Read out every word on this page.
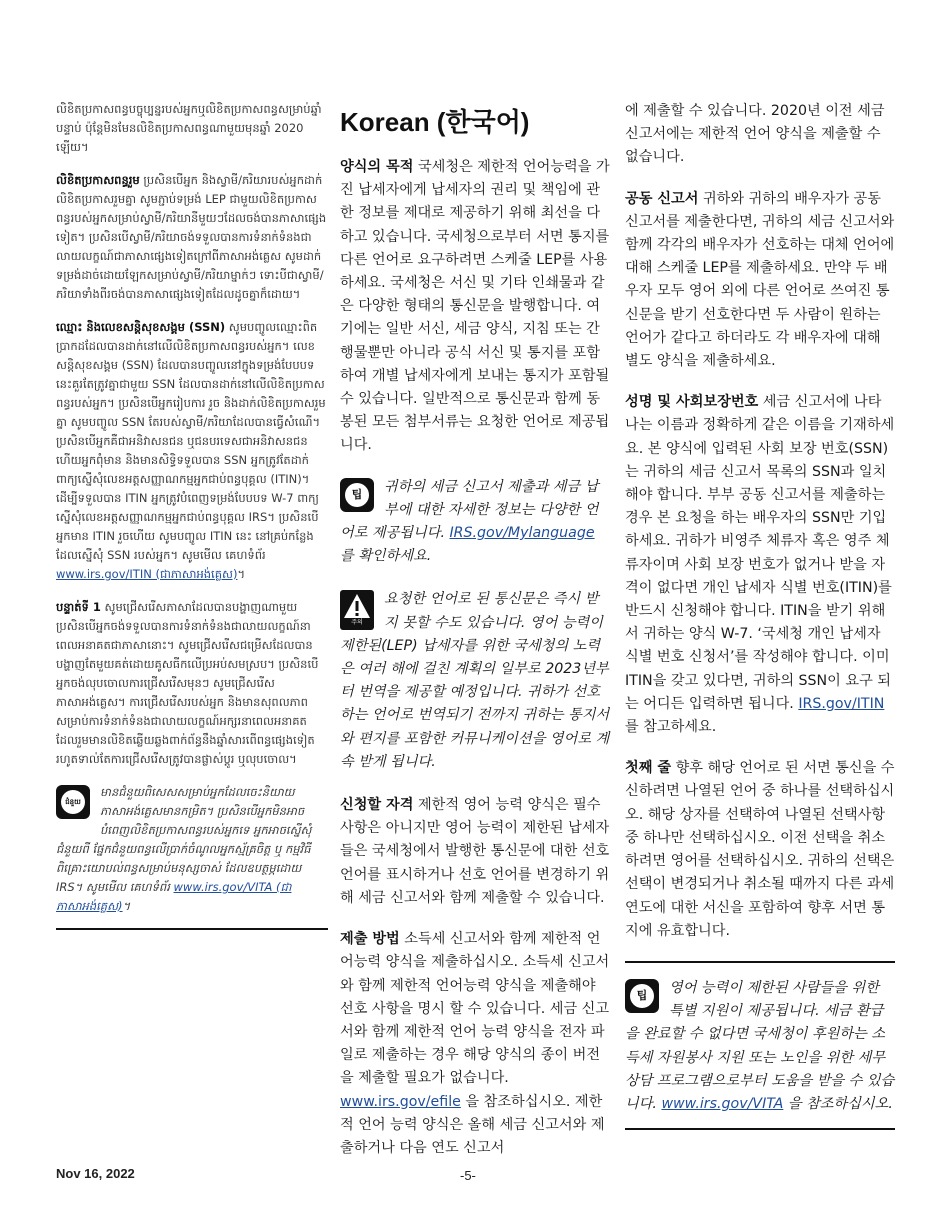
លិខិតប្រកាសពន្ធបច្ចុប្បន្នរបស់អ្នកឬលិខិតប្រកាសពន្ធសម្រាប់ឆ្នាំបន្ទាប់ ប៉ុន្តែមិនមែនលិខិតប្រកាសពន្ធណាមួយមុនឆ្នាំ 2020 ឡើយ។

លិខិតប្រកាសពន្ធរួម ប្រសិនបើអ្នក និងស្វាមី/ភរិយារបស់អ្នកដាក់លិខិតប្រកាសរួមគ្នា សូមភ្ជាប់ទម្រង់ LEP ជាមួយលិខិតប្រកាសពន្ធរបស់អ្នកសម្រាប់ស្វាមី/ភរិយានីមួយៗដែលចង់បានភាសាផ្សេងទៀត។ ប្រសិនបើស្វាមី/ភរិយាចង់ទទួលបានការទំនាក់ទំនងជាលាយលក្ខណ៍ជាភាសាផ្សេងទៀតក្រៅពីភាសាអង់គ្លេស សូមដាក់ទម្រង់ដាច់ដោយឡែកសម្រាប់ស្វាមី/ភរិយាម្នាក់ៗ ទោះបីជាស្វាមី/ភរិយាទាំងពីរចង់បានភាសាផ្សេងទៀតដែលដូចគ្នាក៏ដោយ។

ឈ្មោះ និងលេខសន្តិសុខសង្គម (SSN) សូមបញ្ចូលឈ្មោះពិតប្រាកដដែលបានដាក់នៅលើលិខិតប្រកាសពន្ធរបស់អ្នក។ លេខសន្តិសុខសង្គម (SSN) ដែលបានបញ្ចូលនៅក្នុងទម្រង់បែបបទ នេះគួរតែត្រូវគ្នាជាមួយ SSN ដែលបានដាក់នៅលើលិខិតប្រកាសពន្ធរបស់អ្នក។ ប្រសិនបើអ្នករៀបការ រួច និងដាក់លិខិតប្រកាសរួមគ្នា សូមបញ្ចូល SSN តែរបស់ស្វាមី/ភរិយាដែលបានធ្វើសំណើ។ ប្រសិនបើអ្នកគឺជាអនិវាសនជន ឬជនបរទេសជាអនិវាសនជន ហើយអ្នកពុំមាន និងមានសិទ្ធិទទួលបាន SSN អ្នកត្រូវតែដាក់ពាក្យស្នើសុំលេខអត្តសញ្ញាណកម្មអ្នកជាប់ពន្ធបុគ្គល (ITIN)។ ដើម្បីទទួលបាន ITIN អ្នកត្រូវបំពេញទម្រង់បែបបទ W-7 ពាក្យស្នើសុំលេខអត្តសញ្ញាណកម្មអ្នកជាប់ពន្ធបុគ្គល IRS។ ប្រសិនបើអ្នកមាន ITIN រួចហើយ សូមបញ្ចូល ITIN នេះ នៅគ្រប់កន្លែងដែលស្នើសុំ SSN របស់អ្នក។ សូមមើល គេហទំព័រ www.irs.gov/ITIN (ជាភាសាអង់គ្លេស)។

បន្ទាត់ទី 1 សូមជ្រើសរើសភាសាដែលបានបង្ហាញណាមួយ ប្រសិនបើអ្នកចង់ទទួលបានការទំនាក់ទំនងជាលាយលក្ខណ៍នាពេលអនាគតជាភាសានោះ។ សូមជ្រើសរើសជម្រើសដែលបានបង្ហាញតែមួយគត់ដោយគូសធីកលើប្រអប់សមស្រប។ ប្រសិនបើអ្នកចង់លុបចោលការជ្រើសរើសមុនៗ សូមជ្រើសរើសភាសាអង់គ្លេស។ ការជ្រើសរើសរបស់អ្នក និងមានសុពលភាពសម្រាប់ការទំនាក់ទំនងជាលាយលក្ខណ៍អក្សរនាពេលអនាគតដែលរួមមានលិខិតឆ្លើយឆ្លងពាក់ព័ន្ធនឹងឆ្នាំសារពើពន្ធផ្សេងទៀត រហូតទាល់តែការជ្រើសរើសត្រូវបានផ្លាស់ប្តូរ ឬលុបចោល។

ជំនួយ
មានជំនួយពិសេសសម្រាប់អ្នកដែលចេះនិយាយភាសាអង់គ្លេសមានកម្រិត។ ប្រសិនបើអ្នកមិនអាចបំពេញលិខិតប្រកាសពន្ធរបស់អ្នកទេ អ្នកអាចស្នើសុំជំនួយពី ផ្នែកជំនួយពន្ធលើប្រាក់ចំណូលអ្នកស្ម័គ្រចិត្ត ឬ កម្មវិធីពិគ្រោះយោបល់ពន្ធសម្រាប់មនុស្សចាស់ ដែលឧបត្ថម្ភដោយ IRS។ សូមមើល គេហទំព័រ www.irs.gov/VITA (ជាភាសាអង់គ្លេស)។
Korean (한국어)

양식의 목적 국세청은 제한적 언어능력을 가진 납세자에게 납세자의 권리 및 책임에 관한 정보를 제대로 제공하기 위해 최선을 다하고 있습니다. 국세청으로부터 서면 통지를 다른 언어로 요구하려면 스케줄 LEP를 사용하세요. 국세청은 서신 및 기타 인쇄물과 같은 다양한 형태의 통신문을 발행합니다. 여기에는 일반 서신, 세금 양식, 지침 또는 간행물뿐만 아니라 공식 서신 및 통지를 포함하여 개별 납세자에게 보내는 통지가 포함될 수 있습니다. 일반적으로 통신문과 함께 동봉된 모든 첨부서류는 요청한 언어로 제공됩니다.

팁	귀하의 세금 신고서 제출과 세금 납부에 대한 자세한 정보는 다양한 언어로 제공됩니다. IRS.gov/Mylanguage 를 확인하세요.
주의
요청한 언어로 된 통신문은 즉시 받지 못할 수도 있습니다. 영어 능력이 제한된(LEP) 납세자를 위한 국세청의 노력은 여러 해에 걸친 계획의 일부로 2023년부터 번역을 제공할 예정입니다. 귀하가 선호하는 언어로 번역되기 전까지 귀하는 통지서와 편지를 포함한 커뮤니케이션을 영어로 계속 받게 됩니다.

신청할 자격 제한적 영어 능력 양식은 필수 사항은 아니지만 영어 능력이 제한된 납세자들은 국세청에서 발행한 통신문에 대한 선호 언어를 표시하거나 선호 언어를 변경하기 위해 세금 신고서와 함께 제출할 수 있습니다.

제출 방법 소득세 신고서와 함께 제한적 언어능력 양식을 제출하십시오. 소득세 신고서와 함께 제한적 언어능력 양식을 제출해야 선호 사항을 명시 할 수 있습니다. 세금 신고서와 함께 제한적 언어 능력 양식을 전자 파일로 제출하는 경우 해당 양식의 종이 버전을 제출할 필요가 없습니다. www.irs.gov/efile 을 참조하십시오. 제한적 언어 능력 양식은 올해 세금 신고서와 제출하거나 다음 연도 신고서

에 제출할 수 있습니다. 2020년 이전 세금 신고서에는 제한적 언어 양식을 제출할 수 없습니다.

공동 신고서 귀하와 귀하의 배우자가 공동 신고서를 제출한다면, 귀하의 세금 신고서와 함께 각각의 배우자가 선호하는 대체 언어에 대해 스케줄 LEP를 제출하세요. 만약 두 배우자 모두 영어 외에 다른 언어로 쓰여진 통신문을 받기 선호한다면 두 사람이 원하는 언어가 같다고 하더라도 각 배우자에 대해 별도 양식을 제출하세요.

성명 및 사회보장번호 세금 신고서에 나타나는 이름과 정확하게 같은 이름을 기재하세요. 본 양식에 입력된 사회 보장 번호(SSN)는 귀하의 세금 신고서 목록의 SSN과 일치해야 합니다. 부부 공동 신고서를 제출하는 경우 본 요청을 하는 배우자의 SSN만 기입하세요. 귀하가 비영주 체류자 혹은 영주 체류자이며 사회 보장 번호가 없거나 받을 자격이 없다면 개인 납세자 식별 번호(ITIN)를 반드시 신청해야 합니다. ITIN을 받기 위해서 귀하는 양식 W-7. ‘국세청 개인 납세자 식별 번호 신청서’를 작성해야 합니다. 이미 ITIN을 갖고 있다면, 귀하의 SSN이 요구 되는 어디든 입력하면 됩니다. IRS.gov/ITIN 를 참고하세요.

첫째 줄 향후 해당 언어로 된 서면 통신을 수신하려면 나열된 언어 중 하나를 선택하십시오. 해당 상자를 선택하여 나열된 선택사항 중 하나만 선택하십시오. 이전 선택을 취소하려면 영어를 선택하십시오. 귀하의 선택은 선택이 변경되거나 취소될 때까지 다른 과세 연도에 대한 서신을 포함하여 향후 서면 통지에 유효합니다.

팁	영어 능력이 제한된 사람들을 위한 특별 지원이 제공됩니다. 세금 환급을 완료할 수 없다면 국세청이 후원하는 소득세 자원봉사 지원 또는 노인을 위한 세무 상담 프로그램으로부터 도움을 받을 수 있습니다. www.irs.gov/VITA 을 참조하십시오.
Nov 16, 2022	-5-
